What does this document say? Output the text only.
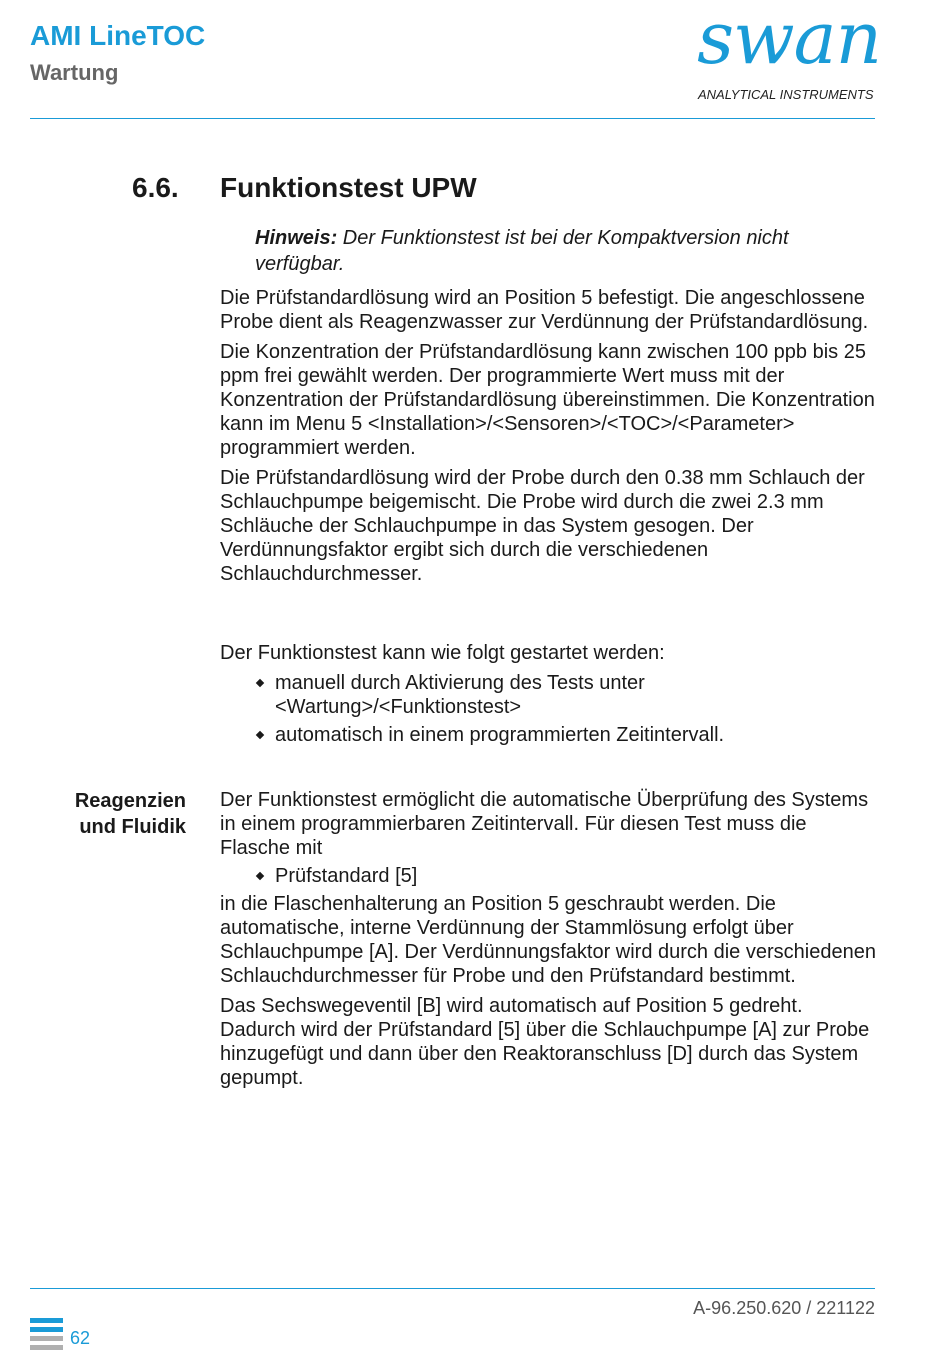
AMI LineTOC
Wartung	swan
ANALYTICAL INSTRUMENTS
6.6. Funktionstest UPW
Hinweis: Der Funktionstest ist bei der Kompaktversion nicht verfügbar.

Die Prüfstandardlösung wird an Position 5 befestigt. Die angeschlossene Probe dient als Reagenzwasser zur Verdünnung der Prüfstandardlösung.

Die Konzentration der Prüfstandardlösung kann zwischen 100 ppb bis 25 ppm frei gewählt werden. Der programmierte Wert muss mit der Konzentration der Prüfstandardlösung übereinstimmen. Die Konzentration kann im Menu 5 <Installation>/<Sensoren>/<TOC>/<Parameter> programmiert werden.

Die Prüfstandardlösung wird der Probe durch den 0.38 mm Schlauch der Schlauchpumpe beigemischt. Die Probe wird durch die zwei 2.3 mm Schläuche der Schlauchpumpe in das System gesogen. Der Verdünnungsfaktor ergibt sich durch die verschiedenen Schlauchdurchmesser.

Der Funktionstest kann wie folgt gestartet werden:

manuell durch Aktivierung des Tests unter <Wartung>/<Funktionstest>
automatisch in einem programmierten Zeitintervall.
Reagenzien
und Fluidik

Der Funktionstest ermöglicht die automatische Überprüfung des Systems in einem programmierbaren Zeitintervall. Für diesen Test muss die Flasche mit

Prüfstandard [5]

in die Flaschenhalterung an Position 5 geschraubt werden. Die automatische, interne Verdünnung der Stammlösung erfolgt über Schlauchpumpe [A]. Der Verdünnungsfaktor wird durch die verschiedenen Schlauchdurchmesser für Probe und den Prüfstandard bestimmt.

Das Sechswegeventil [B] wird automatisch auf Position 5 gedreht. Dadurch wird der Prüfstandard [5] über die Schlauchpumpe [A] zur Probe hinzugefügt und dann über den Reaktoranschluss [D] durch das System gepumpt.

A-96.250.620 / 221122
62
